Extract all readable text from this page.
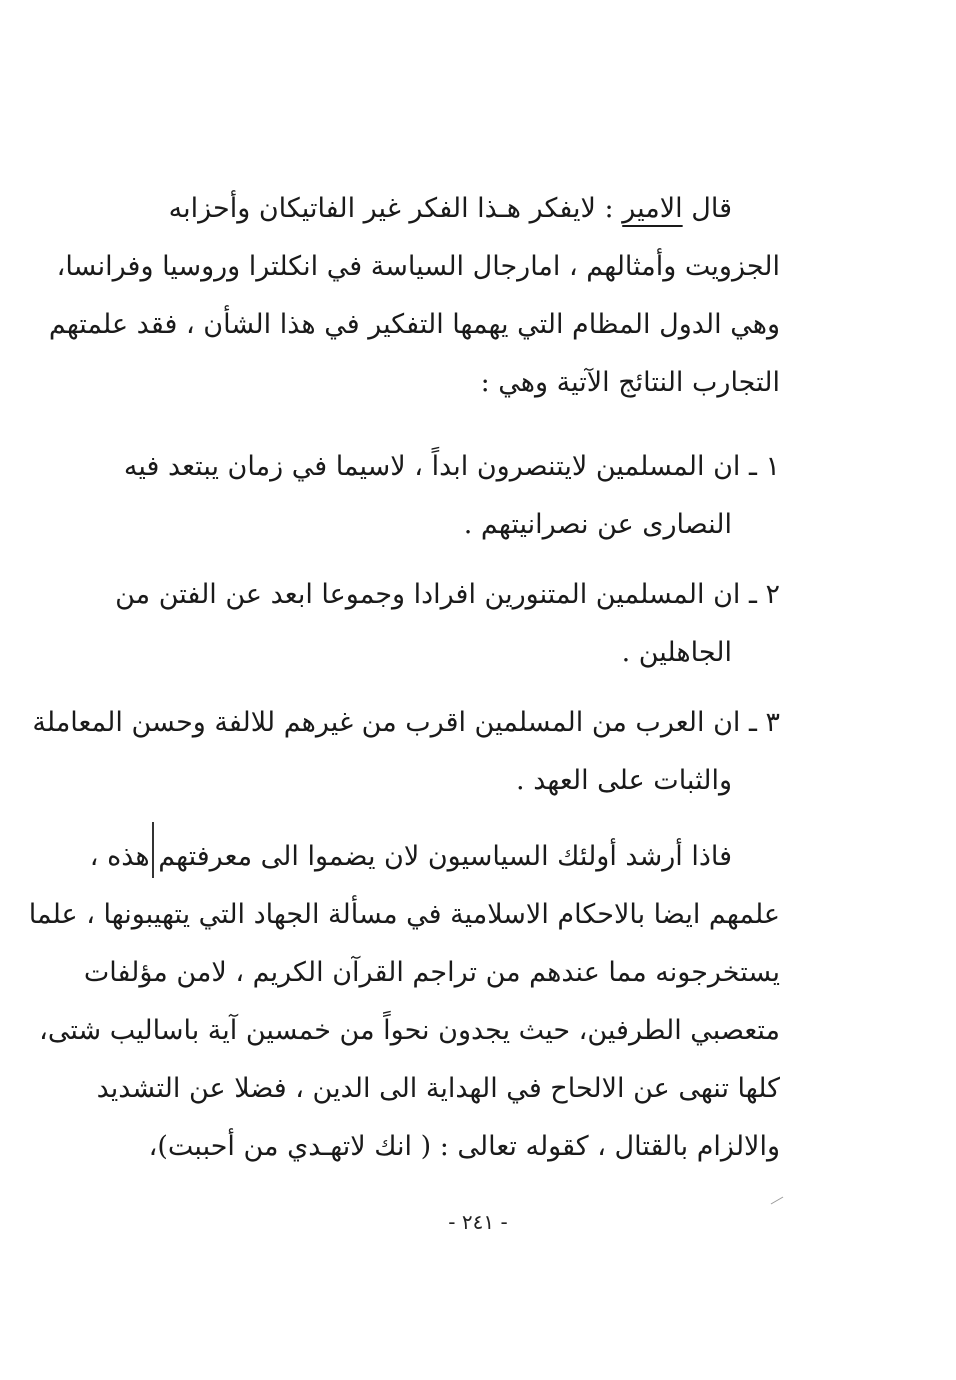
قال الامير : لايفكر هـذا الفكر غير الفاتيكان وأحزابه
الجزويت وأمثالهم ، امارجال السياسة في انكلترا وروسيا وفرانسا،
وهي الدول المظام التي يهمها التفكير في هذا الشأن ، فقد علمتهم
التجارب النتائج الآتية وهي :
١ ـ ان المسلمين لايتنصرون ابداً ، لاسيما في زمان يبتعد فيه
النصارى عن نصرانيتهم .
٢ ـ ان المسلمين المتنورين افرادا وجموعا ابعد عن الفتن من
الجاهلين .
٣ ـ ان العرب من المسلمين اقرب من غيرهم للالفة وحسن المعاملة
والثبات على العهد .
فاذا أرشد أولئك السياسيون لان يضموا الى معرفتهم هذه ،
علمهم ايضا بالاحكام الاسلامية في مسألة الجهاد التي يتهيبونها ، علما
يستخرجونه مما عندهم من تراجم القرآن الكريم ، لامن مؤلفات
متعصبي الطرفين، حيث يجدون نحواً من خمسين آية باساليب شتى،
كلها تنهى عن الالحاح في الهداية الى الدين ، فضلا عن التشديد
والالزام بالقتال ، كقوله تعالى : ( انك لاتهـدي من أحببت)،
- ٢٤١ -
